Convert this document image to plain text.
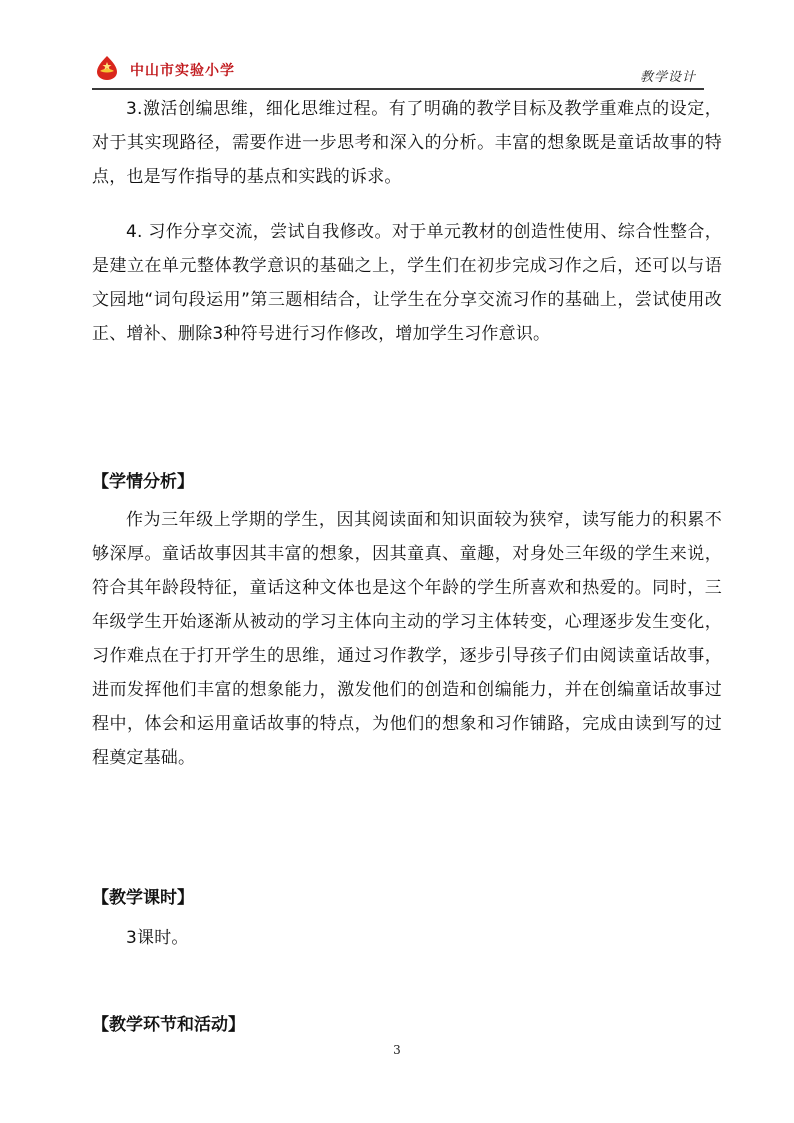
中山市实验小学	教学设计

3.激活创编思维，细化思维过程。有了明确的教学目标及教学重难点的设定，对于其实现路径，需要作进一步思考和深入的分析。丰富的想象既是童话故事的特点，也是写作指导的基点和实践的诉求。

4. 习作分享交流，尝试自我修改。对于单元教材的创造性使用、综合性整合，是建立在单元整体教学意识的基础之上，学生们在初步完成习作之后，还可以与语文园地“词句段运用”第三题相结合，让学生在分享交流习作的基础上，尝试使用改正、增补、删除3种符号进行习作修改，增加学生习作意识。

【学情分析】

作为三年级上学期的学生，因其阅读面和知识面较为狭窄，读写能力的积累不够深厚。童话故事因其丰富的想象，因其童真、童趣，对身处三年级的学生来说，符合其年龄段特征，童话这种文体也是这个年龄的学生所喜欢和热爱的。同时，三年级学生开始逐渐从被动的学习主体向主动的学习主体转变，心理逐步发生变化，习作难点在于打开学生的思维，通过习作教学，逐步引导孩子们由阅读童话故事，进而发挥他们丰富的想象能力，激发他们的创造和创编能力，并在创编童话故事过程中，体会和运用童话故事的特点，为他们的想象和习作铺路，完成由读到写的过程奠定基础。

【教学课时】

3课时。

【教学环节和活动】

3
